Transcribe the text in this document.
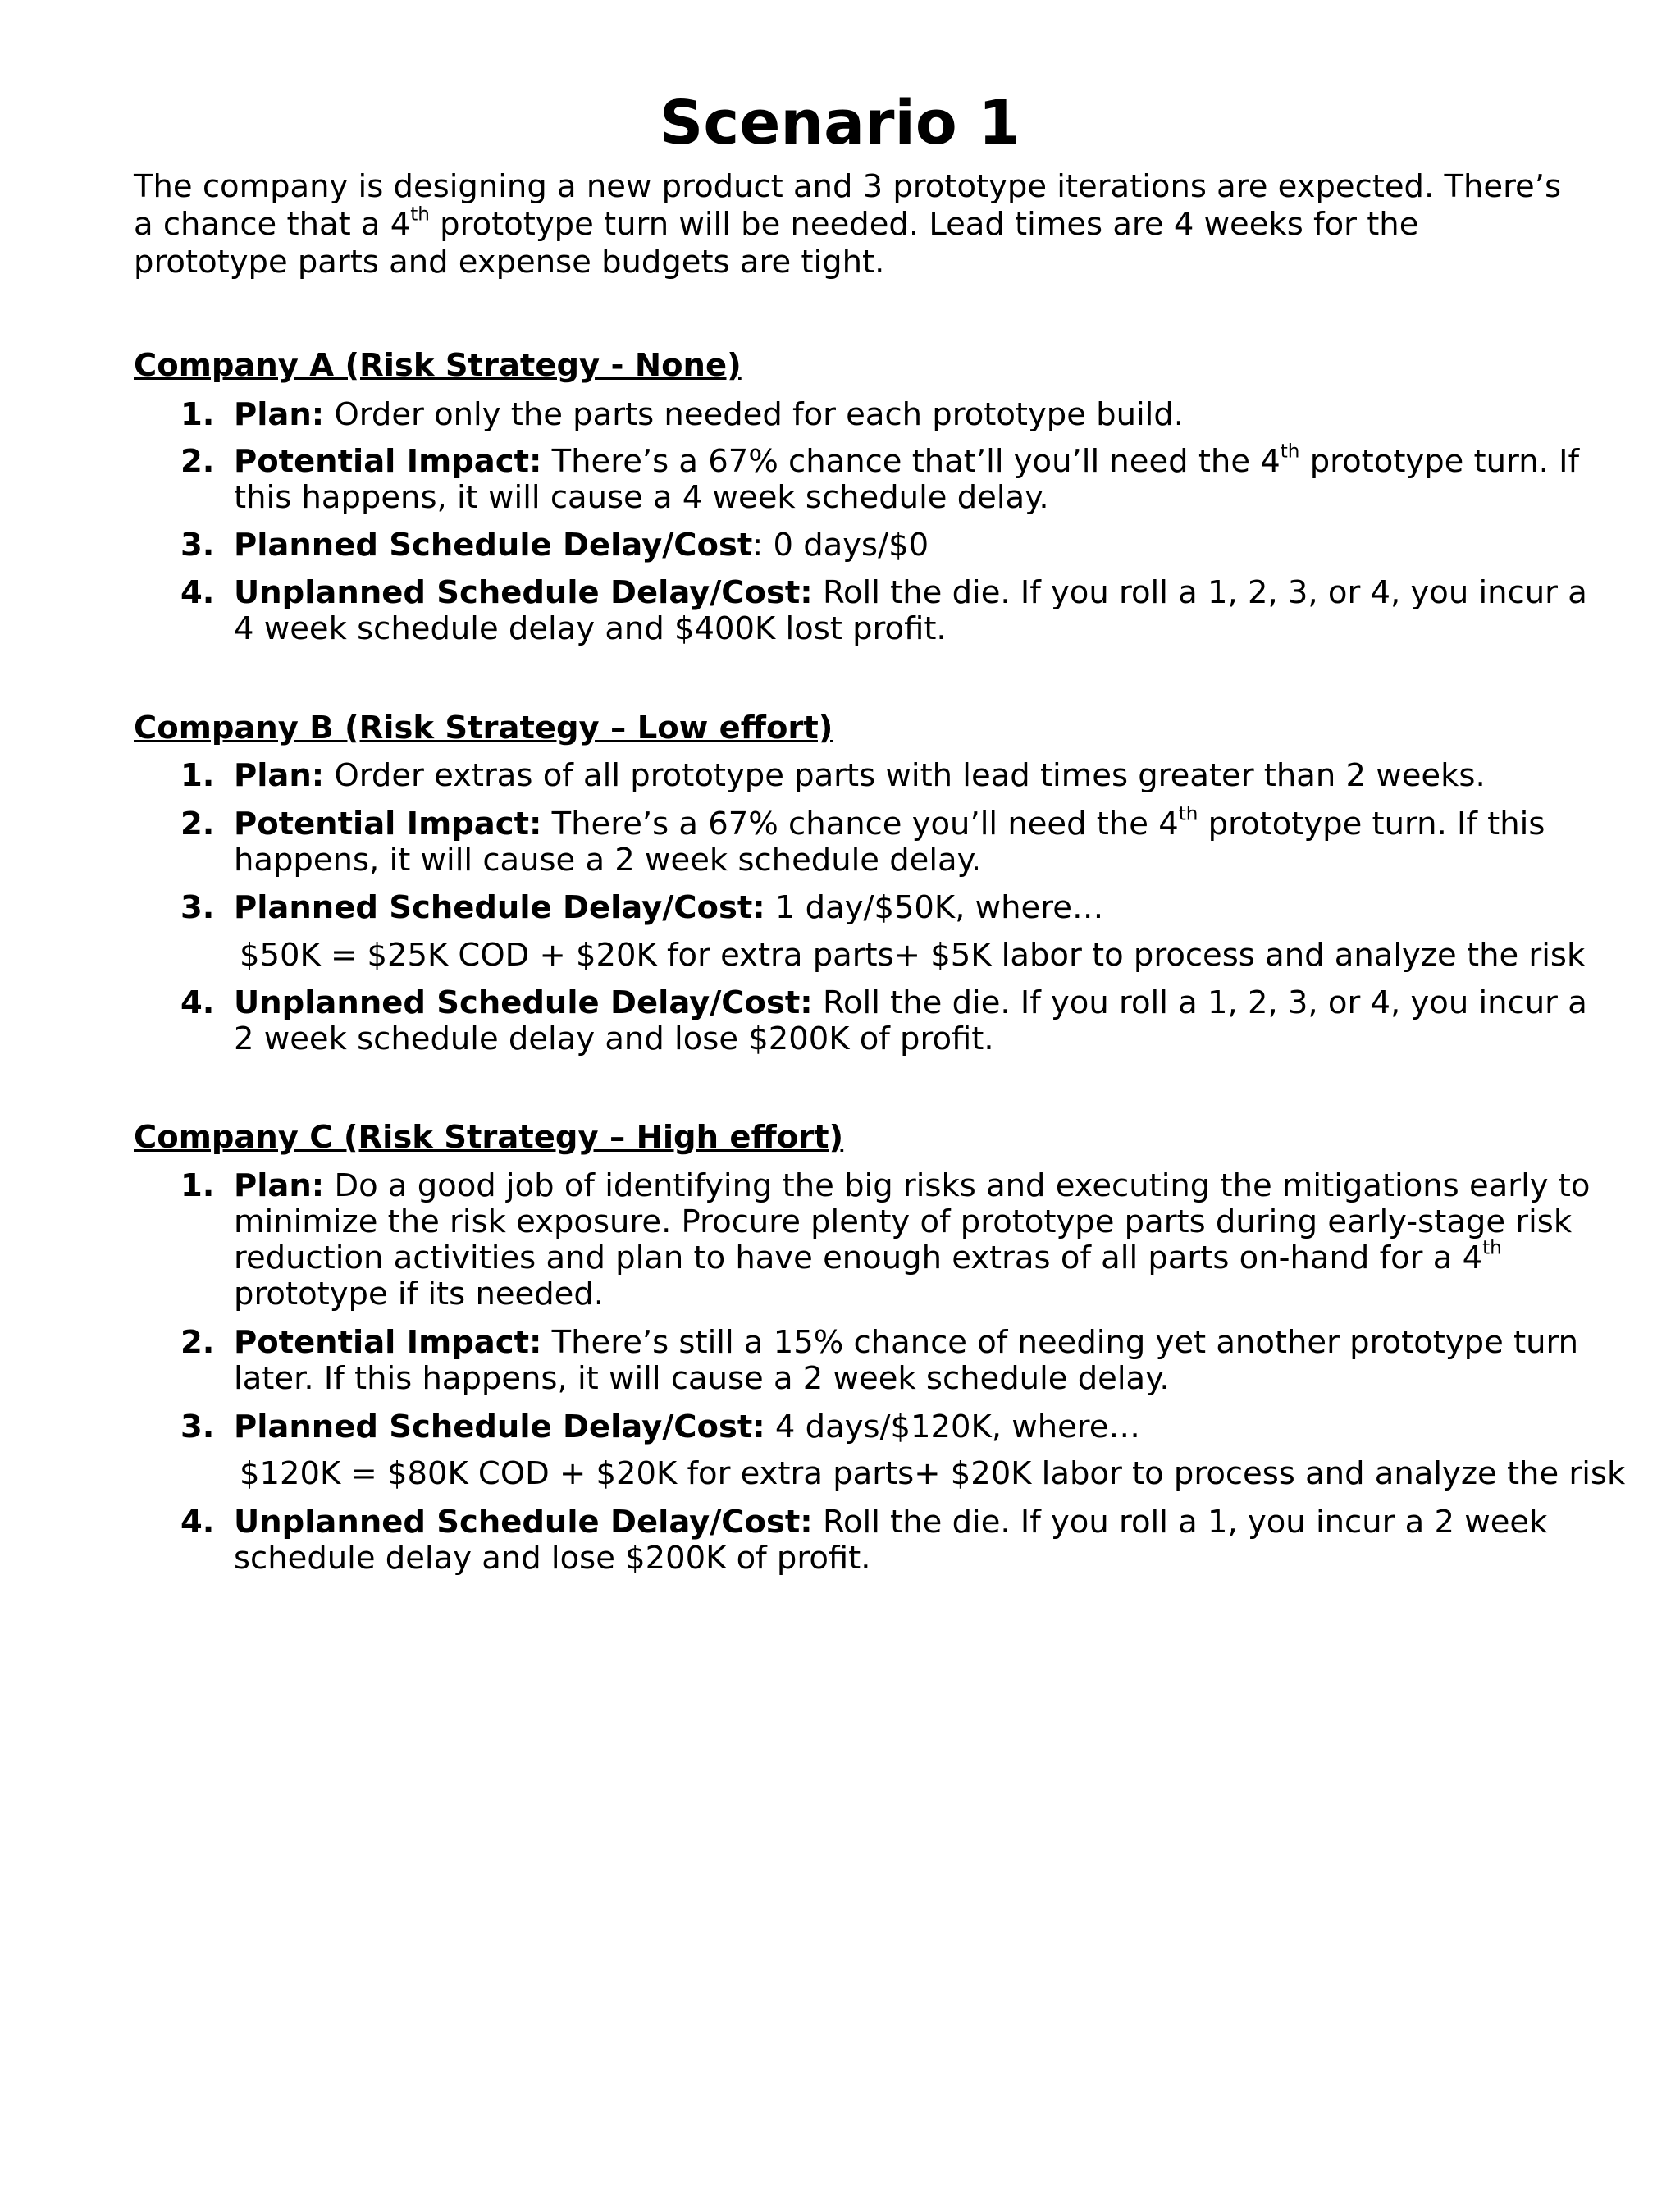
Scenario 1
The company is designing a new product and 3 prototype iterations are expected. There’s
a chance that a 4th prototype turn will be needed. Lead times are 4 weeks for the
prototype parts and expense budgets are tight.
Company A (Risk Strategy - None)
1. Plan: Order only the parts needed for each prototype build.
2. Potential Impact: There’s a 67% chance that’ll you’ll need the 4th prototype turn. If
this happens, it will cause a 4 week schedule delay.
3. Planned Schedule Delay/Cost: 0 days/$0
4. Unplanned Schedule Delay/Cost: Roll the die. If you roll a 1, 2, 3, or 4, you incur a
4 week schedule delay and $400K lost profit.
Company B (Risk Strategy – Low effort)
1. Plan: Order extras of all prototype parts with lead times greater than 2 weeks.
2. Potential Impact: There’s a 67% chance you’ll need the 4th prototype turn. If this
happens, it will cause a 2 week schedule delay.
3. Planned Schedule Delay/Cost: 1 day/$50K, where…
$50K = $25K COD + $20K for extra parts+ $5K labor to process and analyze the risk
4. Unplanned Schedule Delay/Cost: Roll the die. If you roll a 1, 2, 3, or 4, you incur a
2 week schedule delay and lose $200K of profit.
Company C (Risk Strategy – High effort)
1. Plan: Do a good job of identifying the big risks and executing the mitigations early to
minimize the risk exposure. Procure plenty of prototype parts during early-stage risk
reduction activities and plan to have enough extras of all parts on-hand for a 4th
prototype if its needed.
2. Potential Impact: There’s still a 15% chance of needing yet another prototype turn
later. If this happens, it will cause a 2 week schedule delay.
3. Planned Schedule Delay/Cost: 4 days/$120K, where…
$120K = $80K COD + $20K for extra parts+ $20K labor to process and analyze the risk
4. Unplanned Schedule Delay/Cost: Roll the die. If you roll a 1, you incur a 2 week
schedule delay and lose $200K of profit.
